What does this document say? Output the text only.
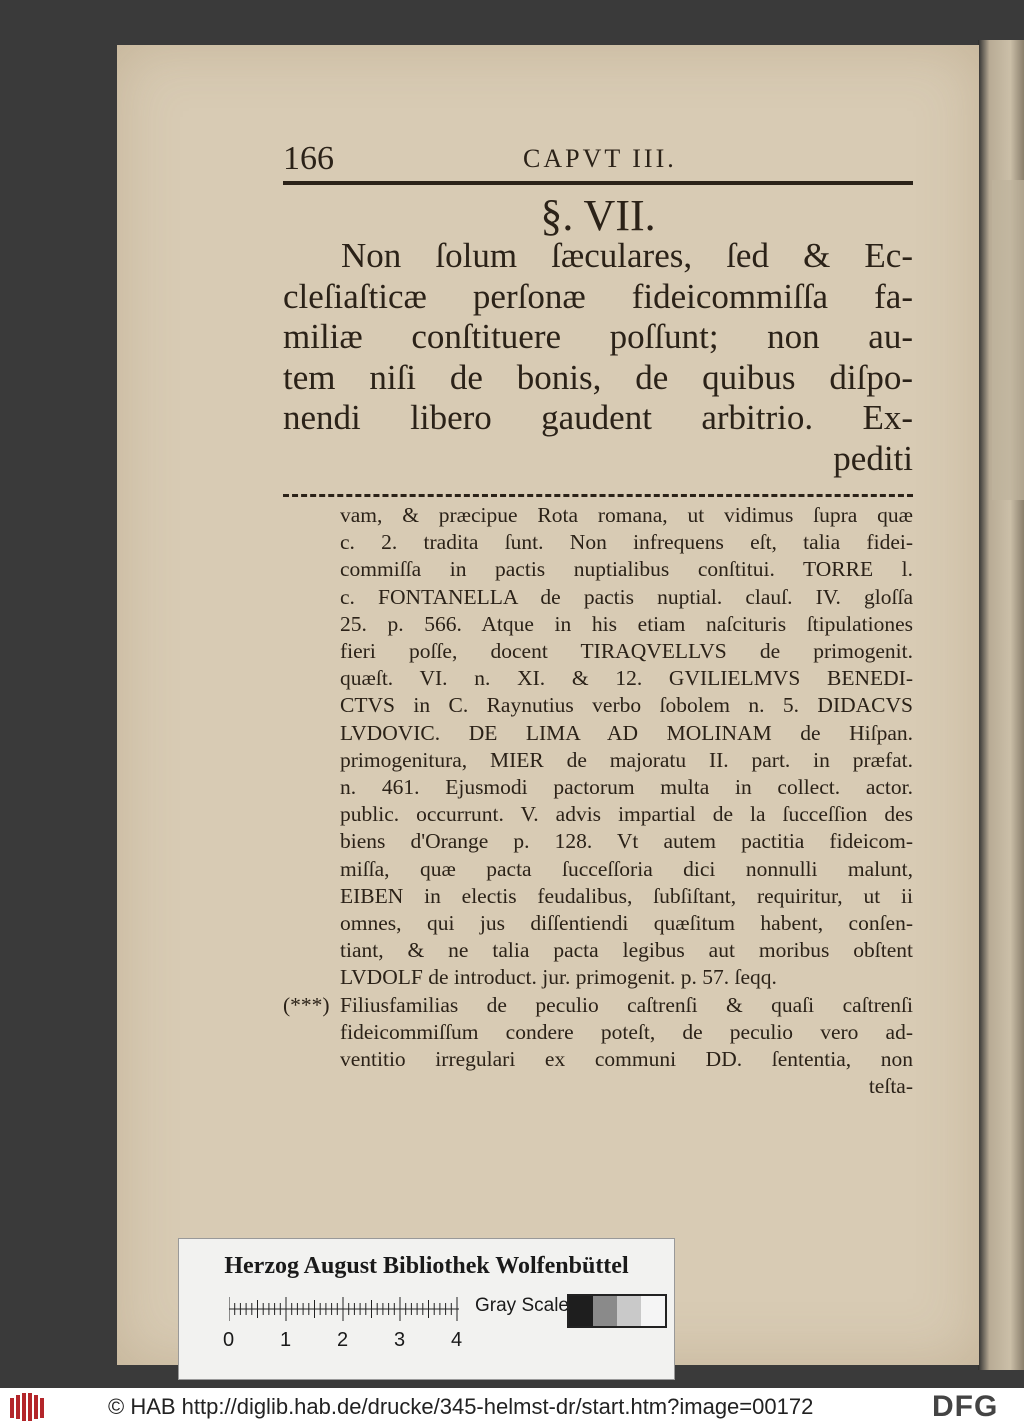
166	CAPVT III.
§. VII.
Non ſolum ſæculares, ſed & Ec-
cleſiaſticæ perſonæ fideicommiſſa fa-
miliæ conſtituere poſſunt; non au-
tem niſi de bonis, de quibus diſpo-
nendi libero gaudent arbitrio. Ex-
pediti
vam, & præcipue Rota romana, ut vidimus ſupra quæ
c. 2. tradita ſunt. Non infrequens eſt, talia fidei-
commiſſa in pactis nuptialibus conſtitui. TORRE l.
c. FONTANELLA de pactis nuptial. clauſ. IV. gloſſa
25. p. 566. Atque in his etiam naſcituris ſtipulationes
fieri poſſe, docent TIRAQVELLVS de primogenit.
quæſt. VI. n. XI. & 12. GVILIELMVS BENEDI-
CTVS in C. Raynutius verbo ſobolem n. 5. DIDACVS
LVDOVIC. DE LIMA AD MOLINAM de Hiſpan.
primogenitura, MIER de majoratu II. part. in præfat.
n. 461. Ejusmodi pactorum multa in collect. actor.
public. occurrunt. V. advis impartial de la ſucceſſion des
biens d'Orange p. 128. Vt autem pactitia fideicom-
miſſa, quæ pacta ſucceſſoria dici nonnulli malunt,
EIBEN in electis feudalibus, ſubſiſtant, requiritur, ut ii
omnes, qui jus diſſentiendi quæſitum habent, conſen-
tiant, & ne talia pacta legibus aut moribus obſtent
LVDOLF de introduct. jur. primogenit. p. 57. ſeqq.
Filiusfamilias de peculio caſtrenſi & quaſi caſtrenſi
fideicommiſſum condere poteſt, de peculio vero ad-
ventitio irregulari ex communi DD. ſententia, non
teſta-
(***)
Herzog August Bibliothek Wolfenbüttel
0 1 2 3 4
Gray Scale
© HAB http://diglib.hab.de/drucke/345-helmst-dr/start.htm?image=00172	DFG
